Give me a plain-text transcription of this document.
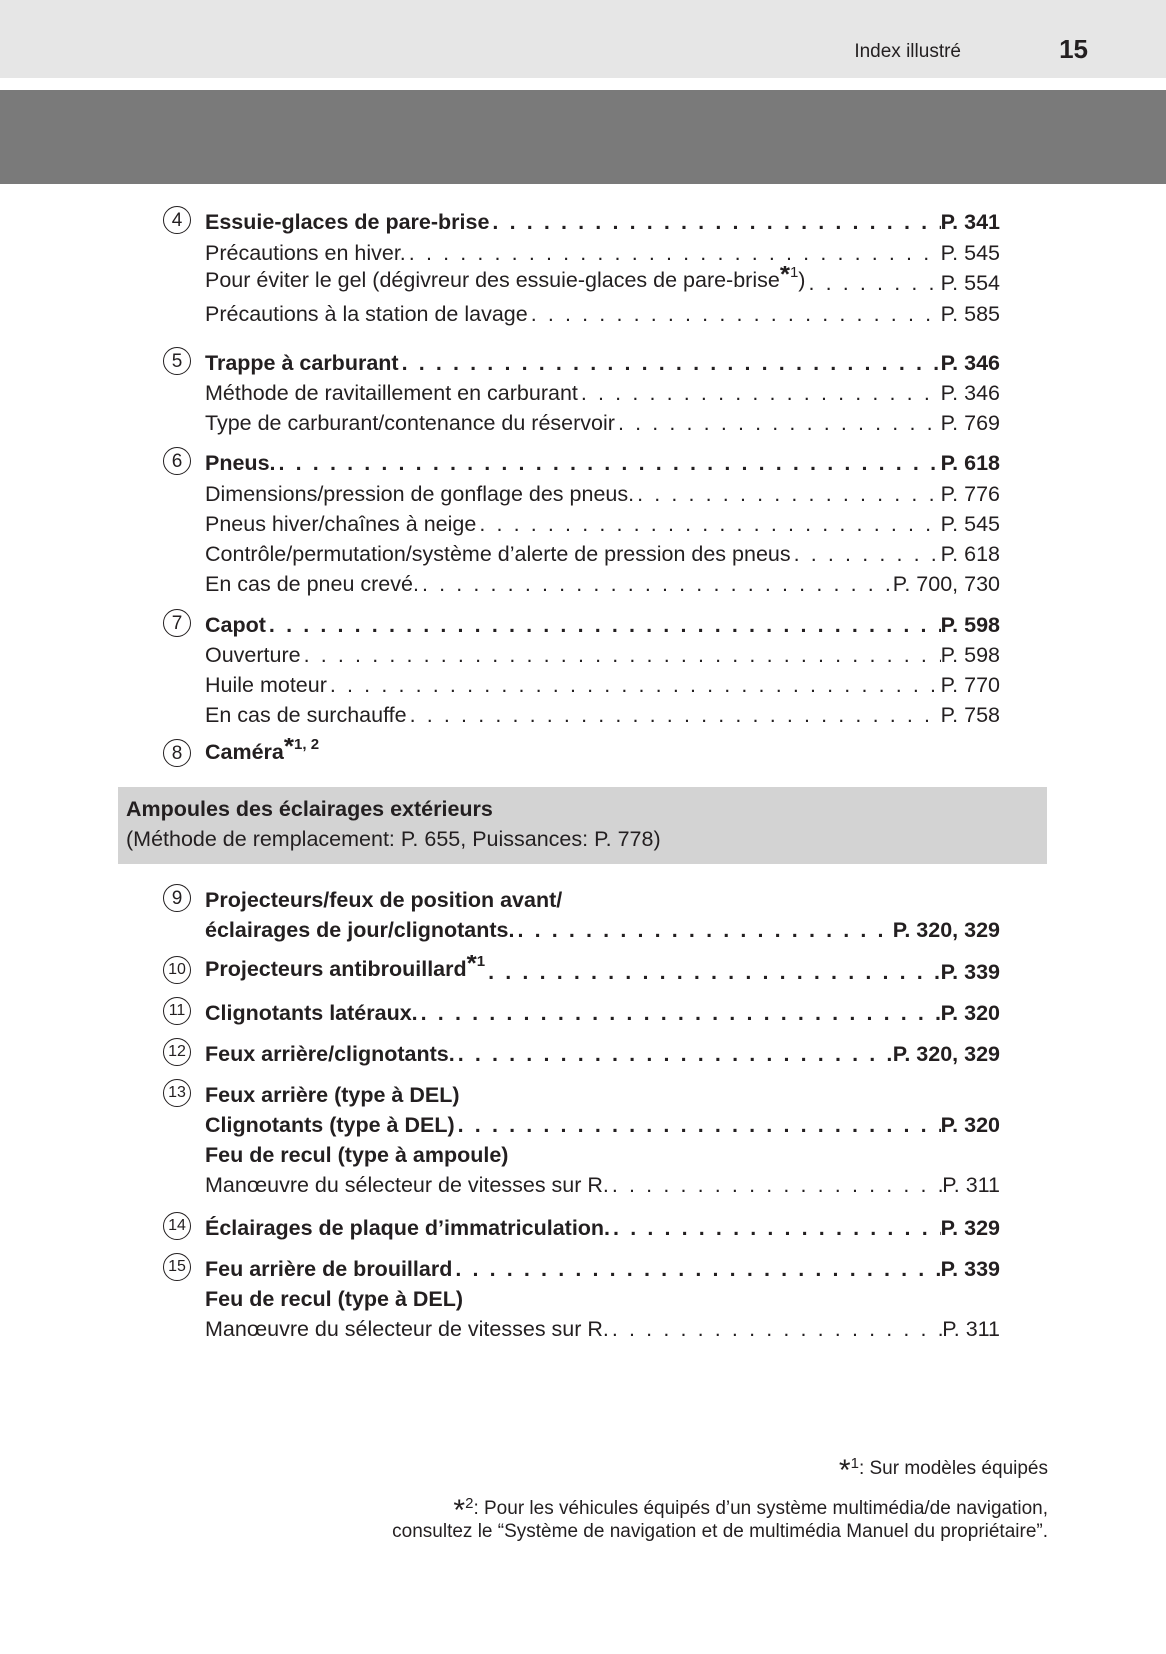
Index illustré	15
4	Essuie-glaces de pare-brise . . .	P. 341
Précautions en hiver. . . .	P. 545
Pour éviter le gel (dégivreur des essuie-glaces de pare-brise*$^1$) . . .	P. 554
Précautions à la station de lavage . . .	P. 585
5	Trappe à carburant . . .	P. 346
Méthode de ravitaillement en carburant . . .	P. 346
Type de carburant/contenance du réservoir . . .	P. 769
6	Pneus. . . .	P. 618
Dimensions/pression de gonflage des pneus. . . .	P. 776
Pneus hiver/chaînes à neige . . .	P. 545
Contrôle/permutation/système d’alerte de pression des pneus . . .	P. 618
En cas de pneu crevé. . . .	P. 700, 730
7	Capot . . .	P. 598
Ouverture . . .	P. 598
Huile moteur . . .	P. 770
En cas de surchauffe . . .	P. 758
8	Caméra*$^{1, 2}$
Ampoules des éclairages extérieurs
(Méthode de remplacement: P. 655, Puissances: P. 778)
9	Projecteurs/feux de position avant/
éclairages de jour/clignotants. . . .	P. 320, 329
10 Projecteurs antibrouillard*$^1$ . . .	P. 339
11 Clignotants latéraux. . . .	P. 320
12 Feux arrière/clignotants. . . .	P. 320, 329
13 Feux arrière (type à DEL)
Clignotants (type à DEL) . . .	P. 320
Feu de recul (type à ampoule)
Manœuvre du sélecteur de vitesses sur R. . . .	P. 311
14 Éclairages de plaque d’immatriculation. . . .	P. 329
15 Feu arrière de brouillard . . .	P. 339
Feu de recul (type à DEL)
Manœuvre du sélecteur de vitesses sur R. . . .	P. 311
*$^1$: Sur modèles équipés
*$^2$: Pour les véhicules équipés d’un système multimédia/de navigation,
consultez le “Système de navigation et de multimédia Manuel du propriétaire”.
